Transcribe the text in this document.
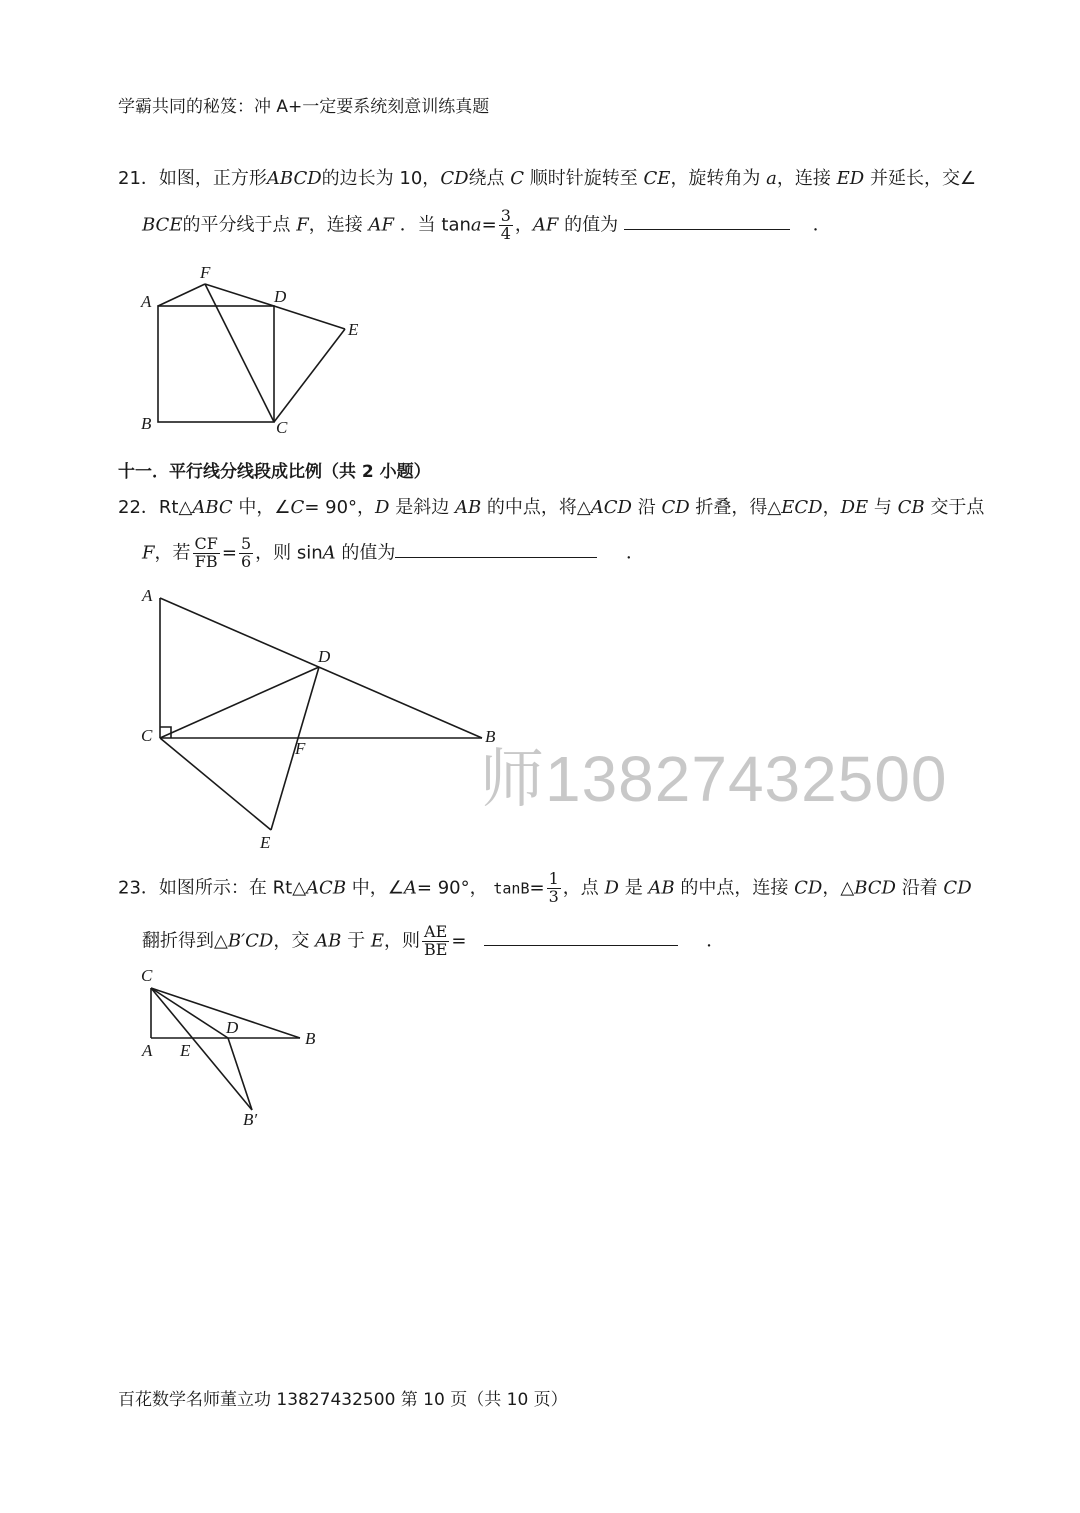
学霸共同的秘笈：冲 A+一定要系统刻意训练真题
21．如图，正方形ABCD的边长为 10，CD绕点 C 顺时针旋转至 CE，旋转角为 a，连接 ED 并延长，交∠
BCE的平分线于点 F，连接 AF ．当 $\tan a= \frac{3}{4}$ ，AF 的值为	．
十一．平行线分线段成比例（共 2 小题）
22．Rt△ABC 中，∠C= 90°，D 是斜边 AB 的中点，将△ACD 沿 CD 折叠，得△ECD，DE 与 CB 交于点
F，若 $\frac{CF}{FB} = \frac{5}{6}$ ，则 sinA 的值为	．
师13827432500
23．如图所示：在 Rt△ACB 中，∠A= 90°， $\tan B= \frac{1}{3}$ ，点 D 是 AB 的中点，连接 CD，△BCD 沿着 CD
翻折得到△B′CD，交 AB 于 E，则 $\frac{AE}{BE}$ =	．
A
F
D
E
B	C
A
D
C
F
B
E
C
D
A E
B
B′
百花数学名师董立功 13827432500 第 10 页（共 10 页）
